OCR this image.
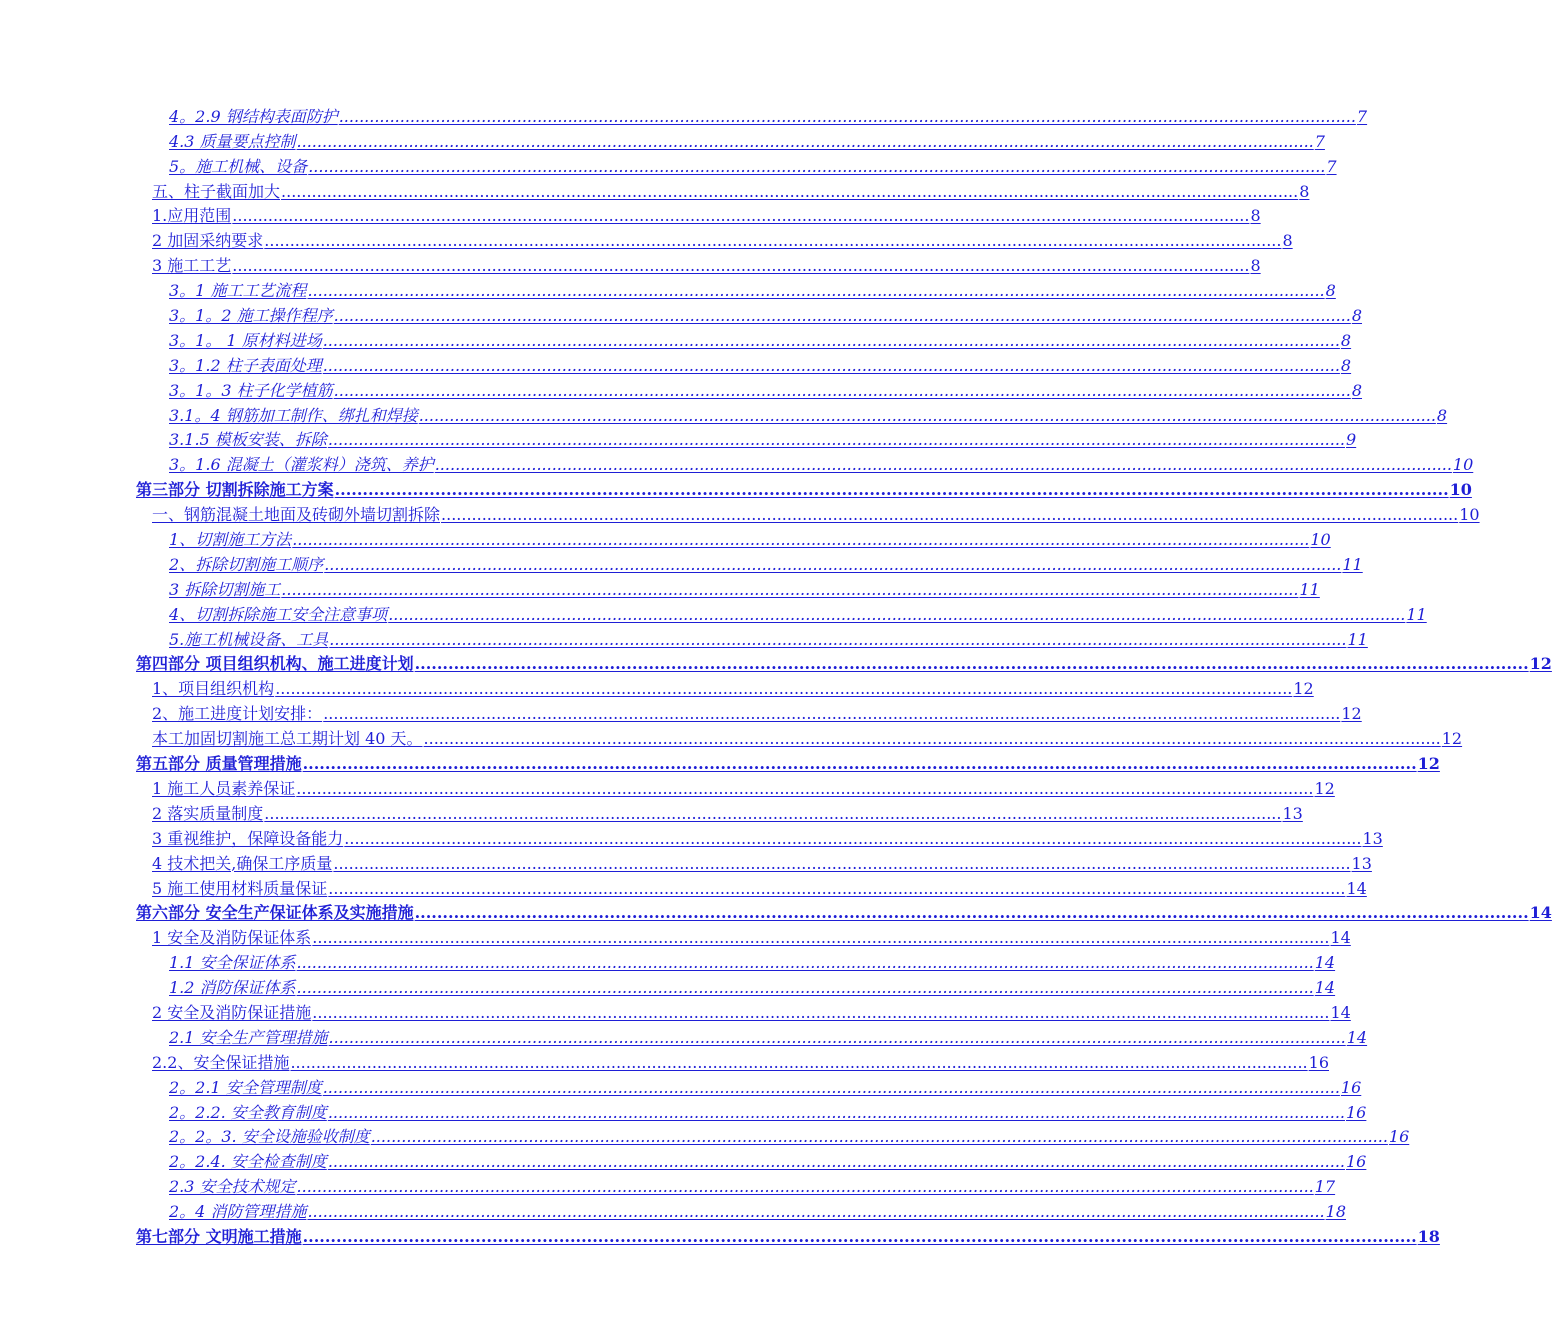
4。2.9 钢结构表面防护 ........................................................................................................................................................................................................ 7
4.3 质量要点控制 ........................................................................................................................................................................................................ 7
5。施工机械、设备 ........................................................................................................................................................................................................ 7
五、柱子截面加大 ........................................................................................................................................................................................................ 8
1.应用范围 ........................................................................................................................................................................................................ 8
2 加固采纳要求 ........................................................................................................................................................................................................ 8
3 施工工艺 ........................................................................................................................................................................................................ 8
3。1 施工工艺流程 ........................................................................................................................................................................................................ 8
3。1。2 施工操作程序 ........................................................................................................................................................................................................ 8
3。1。 1 原材料进场 ........................................................................................................................................................................................................ 8
3。1.2 柱子表面处理 ........................................................................................................................................................................................................ 8
3。1。3 柱子化学植筋 ........................................................................................................................................................................................................ 8
3.1。4 钢筋加工制作、绑扎和焊接 ........................................................................................................................................................................................................ 8
3.1.5 模板安装、拆除 ........................................................................................................................................................................................................ 9
3。1.6 混凝土（灌浆料）浇筑、养护 ........................................................................................................................................................................................................ 10
第三部分 切割拆除施工方案 ........................................................................................................................................................................................................ 10
一、钢筋混凝土地面及砖砌外墙切割拆除 ........................................................................................................................................................................................................ 10
1、切割施工方法 ........................................................................................................................................................................................................ 10
2、拆除切割施工顺序 ........................................................................................................................................................................................................ 11
3 拆除切割施工 ........................................................................................................................................................................................................ 11
4、切割拆除施工安全注意事项 ........................................................................................................................................................................................................ 11
5.施工机械设备、工具 ........................................................................................................................................................................................................ 11
第四部分 项目组织机构、施工进度计划 ........................................................................................................................................................................................................ 12
1、项目组织机构 ........................................................................................................................................................................................................ 12
2、施工进度计划安排： ........................................................................................................................................................................................................ 12
本工加固切割施工总工期计划 40 天。 ........................................................................................................................................................................................................ 12
第五部分 质量管理措施 ........................................................................................................................................................................................................ 12
1 施工人员素养保证 ........................................................................................................................................................................................................ 12
2 落实质量制度 ........................................................................................................................................................................................................ 13
3 重视维护，保障设备能力 ........................................................................................................................................................................................................ 13
4 技术把关,确保工序质量 ........................................................................................................................................................................................................ 13
5 施工使用材料质量保证 ........................................................................................................................................................................................................ 14
第六部分 安全生产保证体系及实施措施 ........................................................................................................................................................................................................ 14
1 安全及消防保证体系 ........................................................................................................................................................................................................ 14
1.1 安全保证体系 ........................................................................................................................................................................................................ 14
1.2 消防保证体系 ........................................................................................................................................................................................................ 14
2 安全及消防保证措施 ........................................................................................................................................................................................................ 14
2.1 安全生产管理措施 ........................................................................................................................................................................................................ 14
2.2、安全保证措施 ........................................................................................................................................................................................................ 16
2。2.1 安全管理制度 ........................................................................................................................................................................................................ 16
2。2.2. 安全教育制度 ........................................................................................................................................................................................................ 16
2。2。3. 安全设施验收制度 ........................................................................................................................................................................................................ 16
2。2.4. 安全检查制度 ........................................................................................................................................................................................................ 16
2.3 安全技术规定 ........................................................................................................................................................................................................ 17
2。4 消防管理措施 ........................................................................................................................................................................................................ 18
第七部分 文明施工措施 ........................................................................................................................................................................................................ 18
